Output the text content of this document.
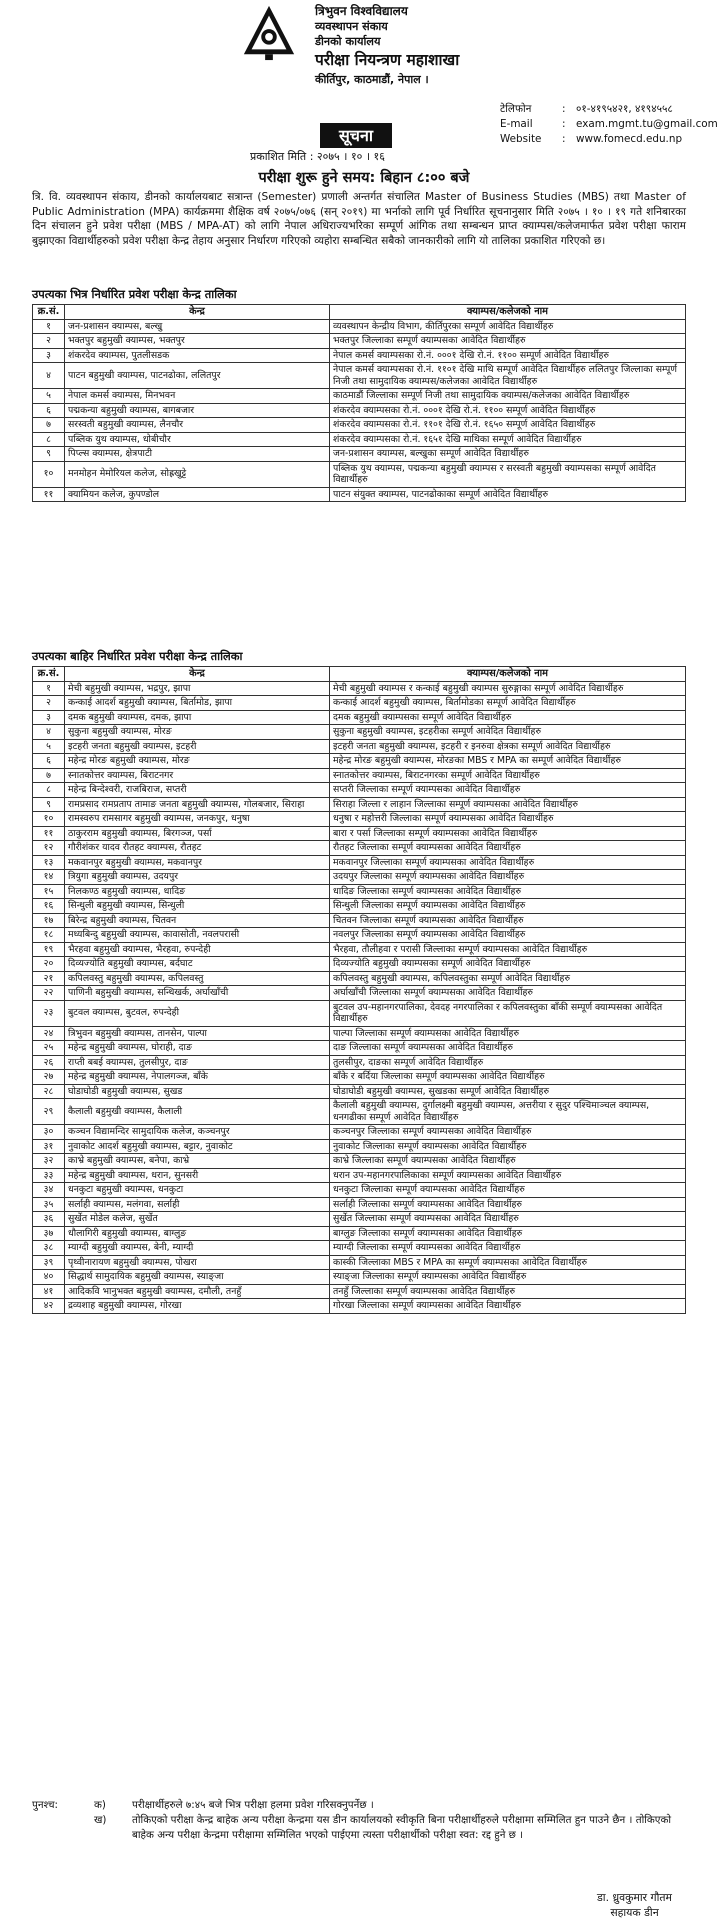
त्रिभुवन विश्वविद्यालय
व्यवस्थापन संकाय
डीनको कार्यालय
परीक्षा नियन्त्रण महाशाखा
कीर्तिपुर, काठमाडौं, नेपाल ।
टेलिफोन	:	०१-४१९५४२१, ४१९४५५८
E-mail	:	exam.mgmt.tu@gmail.com
Website	:	www.fomecd.edu.np
सूचना
प्रकाशित मिति : २०७५ । १० । १६
परीक्षा शुरू हुने समय: बिहान ८:०० बजे
त्रि. वि. व्यवस्थापन संकाय, डीनको कार्यालयबाट सत्रान्त (Semester) प्रणाली अन्तर्गत संचालित Master of Business Studies (MBS) तथा Master of Public Administration (MPA) कार्यक्रममा शैक्षिक वर्ष २०७५/०७६ (सन् २०१९) मा भर्नाको लागि पूर्व निर्धारित सूचनानुसार मिति २०७५ । १० । १९ गते शनिबारका दिन संचालन हुने प्रवेश परीक्षा (MBS / MPA-AT) को लागि नेपाल अधिराज्यभरिका सम्पूर्ण आंगिक तथा सम्बन्धन प्राप्त क्याम्पस/कलेजमार्फत प्रवेश परीक्षा फाराम बुझाएका विद्यार्थीहरुको प्रवेश परीक्षा केन्द्र तेहाय अनुसार निर्धारण गरिएको व्यहोरा सम्बन्धित सबैको जानकारीको लागि यो तालिका प्रकाशित गरिएको छ।
उपत्यका भित्र निर्धारित प्रवेश परीक्षा केन्द्र तालिका
क्र.सं.	केन्द्र	क्याम्पस/कलेजको नाम
१	जन-प्रशासन क्याम्पस, बल्खु	व्यवस्थापन केन्द्रीय विभाग, कीर्तिपुरका सम्पूर्ण आवेदित विद्यार्थीहरु
२	भक्तपुर बहुमुखी क्याम्पस, भक्तपुर	भक्तपुर जिल्लाका सम्पूर्ण क्याम्पसका आवेदित विद्यार्थीहरु
३	शंकरदेव क्याम्पस, पुतलीसडक	नेपाल कमर्स क्याम्पसका रो.नं. ०००१ देखि रो.नं. ११०० सम्पूर्ण आवेदित विद्यार्थीहरु
४	पाटन बहुमुखी क्याम्पस, पाटनढोका, ललितपुर	नेपाल कमर्स क्याम्पसका रो.नं. ११०१ देखि माथि सम्पूर्ण आवेदित विद्यार्थीहरु ललितपुर जिल्लाका सम्पूर्ण निजी तथा सामुदायिक क्याम्पस/कलेजका आवेदित विद्यार्थीहरु
५	नेपाल कमर्स क्याम्पस, मिनभवन	काठमाडौं जिल्लाका सम्पूर्ण निजी तथा सामुदायिक क्याम्पस/कलेजका आवेदित विद्यार्थीहरु
६	पद्मकन्या बहुमुखी क्याम्पस, बागबजार	शंकरदेव क्याम्पसका रो.नं. ०००१ देखि रो.नं. ११०० सम्पूर्ण आवेदित विद्यार्थीहरु
७	सरस्वती बहुमुखी क्याम्पस, लैनचौर	शंकरदेव क्याम्पसका रो.नं. ११०१ देखि रो.नं. १६५० सम्पूर्ण आवेदित विद्यार्थीहरु
८	पब्लिक युथ क्याम्पस, धोबीचौर	शंकरदेव क्याम्पसका रो.नं. १६५१ देखि माथिका सम्पूर्ण आवेदित विद्यार्थीहरु
९	पिप्ल्स क्याम्पस, क्षेत्रपाटी	जन-प्रशासन क्याम्पस, बल्खुका सम्पूर्ण आवेदित विद्यार्थीहरु
१०	मनमोहन मेमोरियल कलेज, सोह्रखुट्टे	पब्लिक युथ क्याम्पस, पद्मकन्या बहुमुखी क्याम्पस र सरस्वती बहुमुखी क्याम्पसका सम्पूर्ण आवेदित विद्यार्थीहरु
११	क्यामियन कलेज, कुपण्डोल	पाटन संयुक्त क्याम्पस, पाटनढोकाका सम्पूर्ण आवेदित विद्यार्थीहरु
उपत्यका बाहिर निर्धारित प्रवेश परीक्षा केन्द्र तालिका
क्र.सं.	केन्द्र	क्याम्पस/कलेजको नाम
१	मेची बहुमुखी क्याम्पस, भद्रपुर, झापा	मेची बहुमुखी क्याम्पस र कन्काई बहुमुखी क्याम्पस सुरुङ्गाका सम्पूर्ण आवेदित विद्यार्थीहरु
२	कन्काई आदर्श बहुमुखी क्याम्पस, बिर्तामोड, झापा	कन्काई आदर्श बहुमुखी क्याम्पस, बिर्तामोडका सम्पूर्ण आवेदित विद्यार्थीहरु
३	दमक बहुमुखी क्याम्पस, दमक, झापा	दमक बहुमुखी क्याम्पसका सम्पूर्ण आवेदित विद्यार्थीहरु
४	सुकुना बहुमुखी क्याम्पस, मोरङ	सुकुना बहुमुखी क्याम्पस, इटहरीका सम्पूर्ण आवेदित विद्यार्थीहरु
५	इटहरी जनता बहुमुखी क्याम्पस, इटहरी	इटहरी जनता बहुमुखी क्याम्पस, इटहरी र इनरुवा क्षेत्रका सम्पूर्ण आवेदित विद्यार्थीहरु
६	महेन्द्र मोरङ बहुमुखी क्याम्पस, मोरङ	महेन्द्र मोरङ बहुमुखी क्याम्पस, मोरङका MBS र MPA का सम्पूर्ण आवेदित विद्यार्थीहरु
७	स्नातकोत्तर क्याम्पस, बिराटनगर	स्नातकोत्तर क्याम्पस, बिराटनगरका सम्पूर्ण आवेदित विद्यार्थीहरु
८	महेन्द्र बिन्देश्वरी, राजबिराज, सप्तरी	सप्तरी जिल्लाका सम्पूर्ण क्याम्पसका आवेदित विद्यार्थीहरु
९	रामप्रसाद रामप्रताप तामाङ जनता बहुमुखी क्याम्पस, गोलबजार, सिराहा	सिराहा जिल्ला र लाहान जिल्लाका सम्पूर्ण क्याम्पसका आवेदित विद्यार्थीहरु
१०	रामस्वरुप रामसागर बहुमुखी क्याम्पस, जनकपुर, धनुषा	धनुषा र महोत्तरी जिल्लाका सम्पूर्ण क्याम्पसका आवेदित विद्यार्थीहरु
११	ठाकुरराम बहुमुखी क्याम्पस, बिरगञ्ज, पर्सा	बारा र पर्सा जिल्लाका सम्पूर्ण क्याम्पसका आवेदित विद्यार्थीहरु
१२	गौरीशंकर यादव रौतहट क्याम्पस, रौतहट	रौतहट जिल्लाका सम्पूर्ण क्याम्पसका आवेदित विद्यार्थीहरु
१३	मकवानपुर बहुमुखी क्याम्पस, मकवानपुर	मकवानपुर जिल्लाका सम्पूर्ण क्याम्पसका आवेदित विद्यार्थीहरु
१४	त्रियुगा बहुमुखी क्याम्पस, उदयपुर	उदयपुर जिल्लाका सम्पूर्ण क्याम्पसका आवेदित विद्यार्थीहरु
१५	निलकण्ठ बहुमुखी क्याम्पस, धादिङ	धादिङ जिल्लाका सम्पूर्ण क्याम्पसका आवेदित विद्यार्थीहरु
१६	सिन्धुली बहुमुखी क्याम्पस, सिन्धुली	सिन्धुली जिल्लाका सम्पूर्ण क्याम्पसका आवेदित विद्यार्थीहरु
१७	बिरेन्द्र बहुमुखी क्याम्पस, चितवन	चितवन जिल्लाका सम्पूर्ण क्याम्पसका आवेदित विद्यार्थीहरु
१८	मध्यबिन्दु बहुमुखी क्याम्पस, कावासोती, नवलपरासी	नवलपुर जिल्लाका सम्पूर्ण क्याम्पसका आवेदित विद्यार्थीहरु
१९	भैरहवा बहुमुखी क्याम्पस, भैरहवा, रुपन्देही	भैरहवा, तौलीहवा र परासी जिल्लाका सम्पूर्ण क्याम्पसका आवेदित विद्यार्थीहरु
२०	दिव्यज्योति बहुमुखी क्याम्पस, बर्दघाट	दिव्यज्योति बहुमुखी क्याम्पसका सम्पूर्ण आवेदित विद्यार्थीहरु
२१	कपिलवस्तु बहुमुखी क्याम्पस, कपिलवस्तु	कपिलवस्तु बहुमुखी क्याम्पस, कपिलवस्तुका सम्पूर्ण आवेदित विद्यार्थीहरु
२२	पाणिनी बहुमुखी क्याम्पस, सन्धिखर्क, अर्घाखाँची	अर्घाखाँची जिल्लाका सम्पूर्ण क्याम्पसका आवेदित विद्यार्थीहरु
२३	बुटवल क्याम्पस, बुटवल, रुपन्देही	बुटवल उप-महानगरपालिका, देवदह नगरपालिका र कपिलवस्तुका बाँकी सम्पूर्ण क्याम्पसका आवेदित विद्यार्थीहरु
२४	त्रिभुवन बहुमुखी क्याम्पस, तानसेन, पाल्पा	पाल्पा जिल्लाका सम्पूर्ण क्याम्पसका आवेदित विद्यार्थीहरु
२५	महेन्द्र बहुमुखी क्याम्पस, घोराही, दाङ	दाङ जिल्लाका सम्पूर्ण क्याम्पसका आवेदित विद्यार्थीहरु
२६	राप्ती बबई क्याम्पस, तुलसीपुर, दाङ	तुलसीपुर, दाङका सम्पूर्ण आवेदित विद्यार्थीहरु
२७	महेन्द्र बहुमुखी क्याम्पस, नेपालगञ्ज, बाँके	बाँके र बर्दिया जिल्लाका सम्पूर्ण क्याम्पसका आवेदित विद्यार्थीहरु
२८	घोडाघोडी बहुमुखी क्याम्पस, सुखड	घोडाघोडी बहुमुखी क्याम्पस, सुखडका सम्पूर्ण आवेदित विद्यार्थीहरु
२९	कैलाली बहुमुखी क्याम्पस, कैलाली	कैलाली बहुमुखी क्याम्पस, दुर्गालक्ष्मी बहुमुखी क्याम्पस, अत्तरीया र सुदुर पश्चिमाञ्चल क्याम्पस, धनगढीका सम्पूर्ण आवेदित विद्यार्थीहरु
३०	कञ्चन विद्यामन्दिर सामुदायिक कलेज, कञ्चनपुर	कञ्चनपुर जिल्लाका सम्पूर्ण क्याम्पसका आवेदित विद्यार्थीहरु
३१	नुवाकोट आदर्श बहुमुखी क्याम्पस, बट्टार, नुवाकोट	नुवाकोट जिल्लाका सम्पूर्ण क्याम्पसका आवेदित विद्यार्थीहरु
३२	काभ्रे बहुमुखी क्याम्पस, बनेपा, काभ्रे	काभ्रे जिल्लाका सम्पूर्ण क्याम्पसका आवेदित विद्यार्थीहरु
३३	महेन्द्र बहुमुखी क्याम्पस, धरान, सुनसरी	धरान उप-महानगरपालिकाका सम्पूर्ण क्याम्पसका आवेदित विद्यार्थीहरु
३४	धनकुटा बहुमुखी क्याम्पस, धनकुटा	धनकुटा जिल्लाका सम्पूर्ण क्याम्पसका आवेदित विद्यार्थीहरु
३५	सर्लाही क्याम्पस, मलंगवा, सर्लाही	सर्लाही जिल्लाका सम्पूर्ण क्याम्पसका आवेदित विद्यार्थीहरु
३६	सुर्खेत मोडेल कलेज, सुर्खेत	सुर्खेत जिल्लाका सम्पूर्ण क्याम्पसका आवेदित विद्यार्थीहरु
३७	धौलागिरी बहुमुखी क्याम्पस, बाग्लुङ	बाग्लुङ जिल्लाका सम्पूर्ण क्याम्पसका आवेदित विद्यार्थीहरु
३८	म्याग्दी बहुमुखी क्याम्पस, बेनी, म्याग्दी	म्याग्दी जिल्लाका सम्पूर्ण क्याम्पसका आवेदित विद्यार्थीहरु
३९	पृथ्वीनारायण बहुमुखी क्याम्पस, पोखरा	कास्की जिल्लाका MBS र MPA का सम्पूर्ण क्याम्पसका आवेदित विद्यार्थीहरु
४०	सिद्धार्थ सामुदायिक बहुमुखी क्याम्पस, स्याङ्जा	स्याङ्जा जिल्लाका सम्पूर्ण क्याम्पसका आवेदित विद्यार्थीहरु
४१	आदिकवि भानुभक्त बहुमुखी क्याम्पस, दमौली, तनहुँ	तनहुँ जिल्लाका सम्पूर्ण क्याम्पसका आवेदित विद्यार्थीहरु
४२	द्रव्यशाह बहुमुखी क्याम्पस, गोरखा	गोरखा जिल्लाका सम्पूर्ण क्याम्पसका आवेदित विद्यार्थीहरु
पुनश्च:	क)	परीक्षार्थीहरुले ७:४५ बजे भित्र परीक्षा हलमा प्रवेश गरिसक्नुपर्नेछ ।
ख)	तोकिएको परीक्षा केन्द्र बाहेक अन्य परीक्षा केन्द्रमा यस डीन कार्यालयको स्वीकृति बिना परीक्षार्थीहरुले परीक्षामा सम्मिलित हुन पाउने छैन । तोकिएको बाहेक अन्य परीक्षा केन्द्रमा परीक्षामा सम्मिलित भएको पाईएमा त्यस्ता परीक्षार्थीको परीक्षा स्वत: रद्द हुने छ ।
डा. ध्रुवकुमार गौतम
सहायक डीन
